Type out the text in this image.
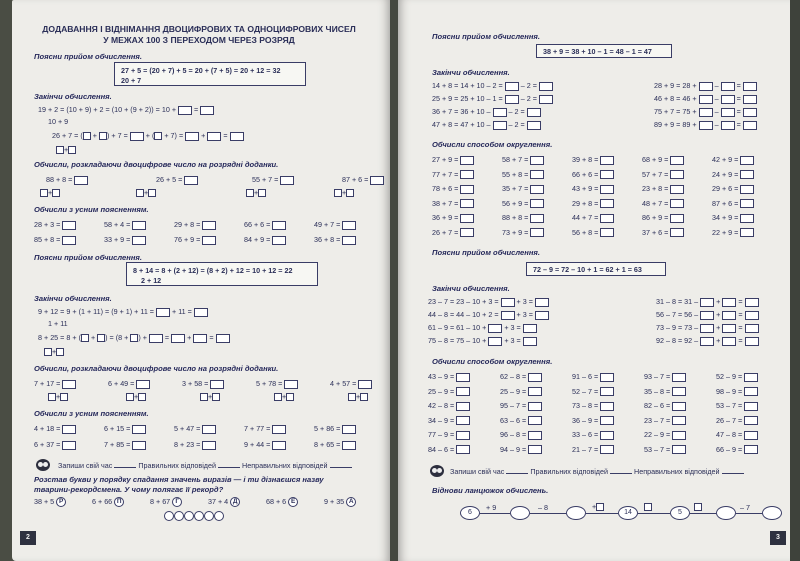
ДОДАВАННЯ І ВІДНІМАННЯ ДВОЦИФРОВИХ ТА ОДНОЦИФРОВИХ ЧИСЕЛ
У МЕЖАХ 100 З ПЕРЕХОДОМ ЧЕРЕЗ РОЗРЯД
Поясни прийом обчислення.
27 + 5 = (20 + 7) + 5 = 20 + (7 + 5) = 20 + 12 = 32
20 + 7
Закінчи обчислення.
19 + 2 = (10 + 9) + 2 = (10 + (9 + 2)) = 10 +  =
10 + 9
26 + 7 = ( + ) + 7 =  + ( + 7) =  +  =
+
Обчисли, розкладаючи двоцифрове число на розрядні доданки.
88 + 8 =	26 + 5 =	55 + 7 =	87 + 6 =
+	+	+	+
Обчисли з усним поясненням.
28 + 3 =	58 + 4 =	29 + 8 =	66 + 6 =	49 + 7 =
85 + 8 =	33 + 9 =	76 + 9 =	84 + 9 =	36 + 8 =
Поясни прийом обчислення.
8 + 14 = 8 + (2 + 12) = (8 + 2) + 12 = 10 + 12 = 22
2 + 12
Закінчи обчислення.
9 + 12 = 9 + (1 + 11) = (9 + 1) + 11 =  + 11 =
1 + 11
8 + 25 = 8 + ( + ) = (8 + ) +  =  +  =
+
Обчисли, розкладаючи двоцифрове число на розрядні доданки.
7 + 17 =	6 + 49 =	3 + 58 =	5 + 78 =	4 + 57 =
+	+	+	+	+
Обчисли з усним поясненням.
4 + 18 =	6 + 15 =	5 + 47 =	7 + 77 =	5 + 86 =
6 + 37 =	7 + 85 =	8 + 23 =	9 + 44 =	8 + 65 =
Запиши свій час	Правильних відповідей	Неправильних відповідей
Розстав букви у порядку спадання значень виразів — і ти дізнаєшся назву
тварини-рекордсмена. У чому полягає її рекорд?
38 + 5 Р	6 + 66 П	8 + 67 Г	37 + 4 Д	68 + 6 Е	9 + 35 А
2
Поясни прийом обчислення.
38 + 9 = 38 + 10 – 1 = 48 – 1 = 47
Закінчи обчислення.
14 + 8 = 14 + 10 – 2 =  – 2 =
25 + 9 = 25 + 10 – 1 =  – 2 =
36 + 7 = 36 + 10 –  – 2 =
47 + 8 = 47 + 10 –  – 2 =
28 + 9 = 28 +  –  =
46 + 8 = 46 +  –  =
75 + 7 = 75 +  –  =
89 + 9 = 89 +  –  =
Обчисли способом округлення.
27 + 9 =	58 + 7 =	39 + 8 =	68 + 9 =	42 + 9 =
77 + 7 =	55 + 8 =	66 + 6 =	57 + 7 =	24 + 9 =
78 + 6 =	35 + 7 =	43 + 9 =	23 + 8 =	29 + 6 =
38 + 7 =	56 + 9 =	29 + 8 =	48 + 7 =	87 + 6 =
36 + 9 =	88 + 8 =	44 + 7 =	86 + 9 =	34 + 9 =
26 + 7 =	73 + 9 =	56 + 8 =	37 + 6 =	22 + 9 =
Поясни прийом обчислення.
72 – 9 = 72 – 10 + 1 = 62 + 1 = 63
Закінчи обчислення.
23 – 7 = 23 – 10 + 3 =  + 3 =
44 – 8 = 44 – 10 + 2 =  + 3 =
61 – 9 = 61 – 10 +  + 3 =
75 – 8 = 75 – 10 +  + 3 =
31 – 8 = 31 –  +  =
56 – 7 = 56 –  +  =
73 – 9 = 73 –  +  =
92 – 8 = 92 –  +  =
Обчисли способом округлення.
43 – 9 =	62 – 8 =	91 – 6 =	93 – 7 =	52 – 9 =
25 – 9 =	25 – 9 =	52 – 7 =	35 – 8 =	98 – 9 =
42 – 8 =	95 – 7 =	73 – 8 =	82 – 6 =	53 – 7 =
34 – 9 =	63 – 6 =	36 – 9 =	23 – 7 =	26 – 7 =
77 – 9 =	96 – 8 =	33 – 6 =	22 – 9 =	47 – 8 =
84 – 6 =	94 – 9 =	21 – 7 =	53 – 7 =	66 – 9 =
Запиши свій час	Правильних відповідей	Неправильних відповідей
Віднови ланцюжок обчислень.
6
+ 9	– 8	+
14	5
– 7
3
